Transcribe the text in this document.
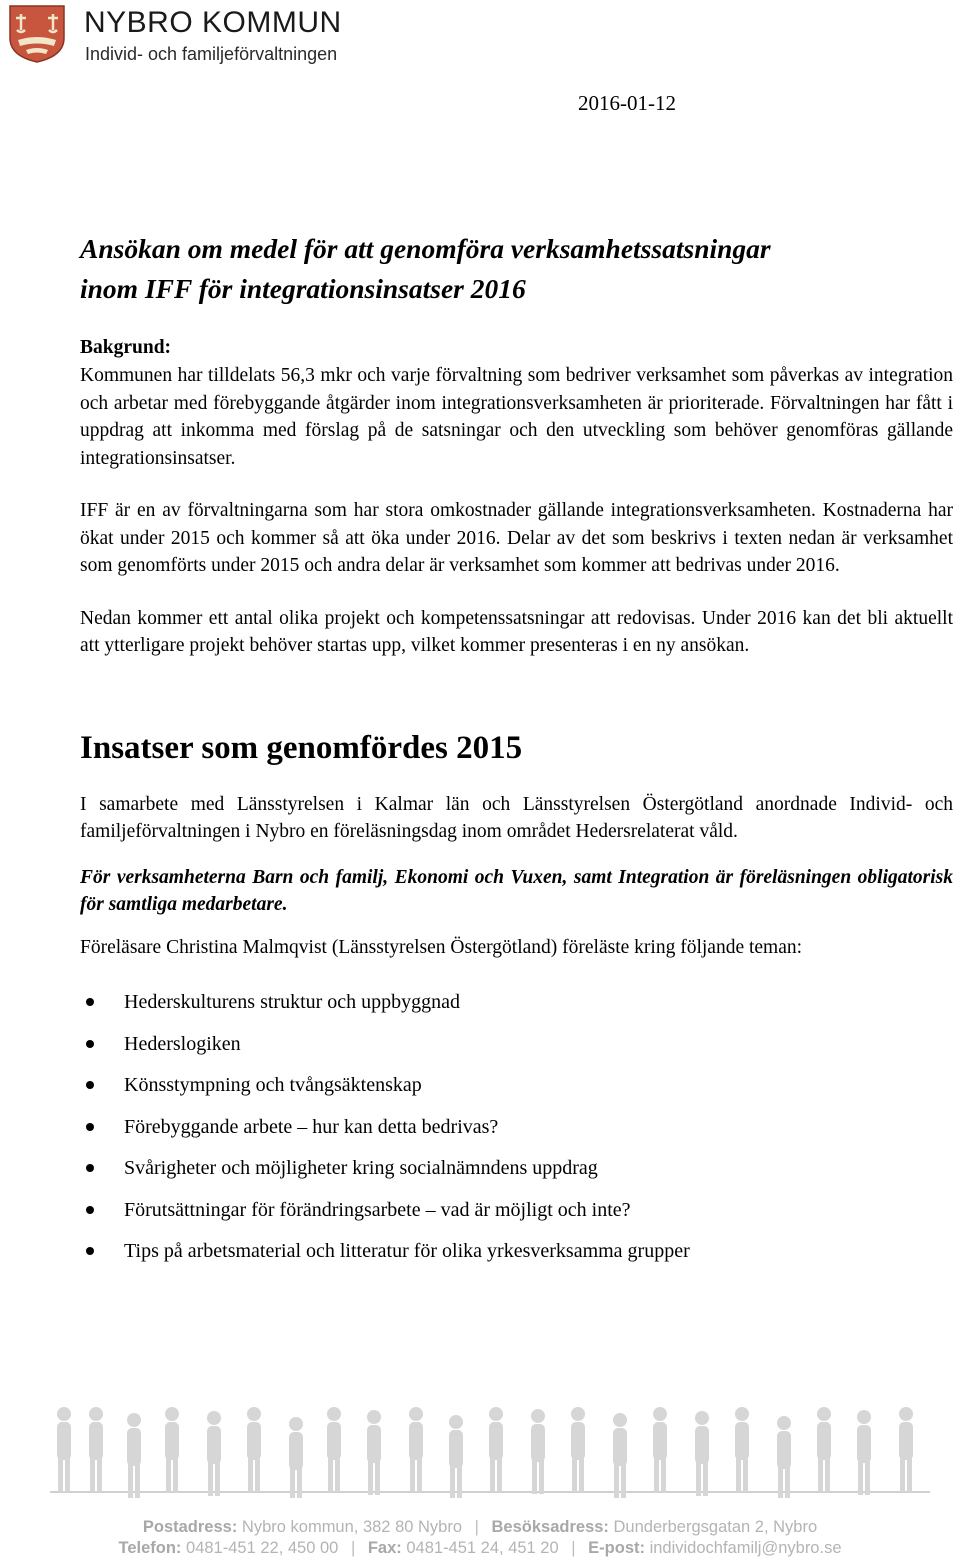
NYBRO KOMMUN
Individ- och familjeförvaltningen
2016-01-12
Ansökan om medel för att genomföra verksamhetssatsningar
inom IFF för integrationsinsatser 2016
Bakgrund:

Kommunen har tilldelats 56,3 mkr och varje förvaltning som bedriver verksamhet som påverkas av integration och arbetar med förebyggande åtgärder inom integrationsverksamheten är prioriterade. Förvaltningen har fått i uppdrag att inkomma med förslag på de satsningar och den utveckling som behöver genomföras gällande integrationsinsatser.

IFF är en av förvaltningarna som har stora omkostnader gällande integrationsverksamheten. Kostnaderna har ökat under 2015 och kommer så att öka under 2016. Delar av det som beskrivs i texten nedan är verksamhet som genomförts under 2015 och andra delar är verksamhet som kommer att bedrivas under 2016.

Nedan kommer ett antal olika projekt och kompetenssatsningar att redovisas. Under 2016 kan det bli aktuellt att ytterligare projekt behöver startas upp, vilket kommer presenteras i en ny ansökan.

Insatser som genomfördes 2015

I samarbete med Länsstyrelsen i Kalmar län och Länsstyrelsen Östergötland anordnade Individ- och familjeförvaltningen i Nybro en föreläsningsdag inom området Hedersrelaterat våld.

För verksamheterna Barn och familj, Ekonomi och Vuxen, samt Integration är föreläsningen obligatorisk för samtliga medarbetare.

Föreläsare Christina Malmqvist (Länsstyrelsen Östergötland) föreläste kring följande teman:

Hederskulturens struktur och uppbyggnad
Hederslogiken
Könsstympning och tvångsäktenskap
Förebyggande arbete – hur kan detta bedrivas?
Svårigheter och möjligheter kring socialnämndens uppdrag
Förutsättningar för förändringsarbete – vad är möjligt och inte?
Tips på arbetsmaterial och litteratur för olika yrkesverksamma grupper
Postadress: Nybro kommun, 382 80 Nybro | Besöksadress: Dunderbergsgatan 2, Nybro
Telefon: 0481-451 22, 450 00 | Fax: 0481-451 24, 451 20 | E-post: individochfamilj@nybro.se
